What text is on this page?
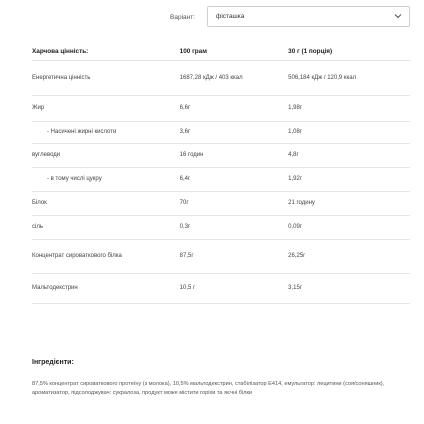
Варіант:	фісташка
Харчова цінність:	100 грам	30 г (1 порція)
Енергетична цінність	1687,28 кДж / 403 ккал	506,184 кДж / 120,9 ккал
Жир	6,6г	1,98г
- Насичені жирні кислоти	3,6г	1,08г
вуглеводи	16 годин	4,8г
- в тому числі цукру	6,4г	1,92г
Білок	70г	21 годину
сіль	0,3г	0,09г
Концентрат сироваткового білка	87,5г	26,25г
Мальтодекстрин	10,5 г	3,15г
Інгредієнти:
87,5% концентрат сироваткового протеїну (з молока), 10,5% мальтодекстрин, стабілізатор E414, емульгатор: лецитини (соя/соняшник), ароматизатор, підсолоджувач: сукралоза, продукт може містити горіхи та яєчні білки
